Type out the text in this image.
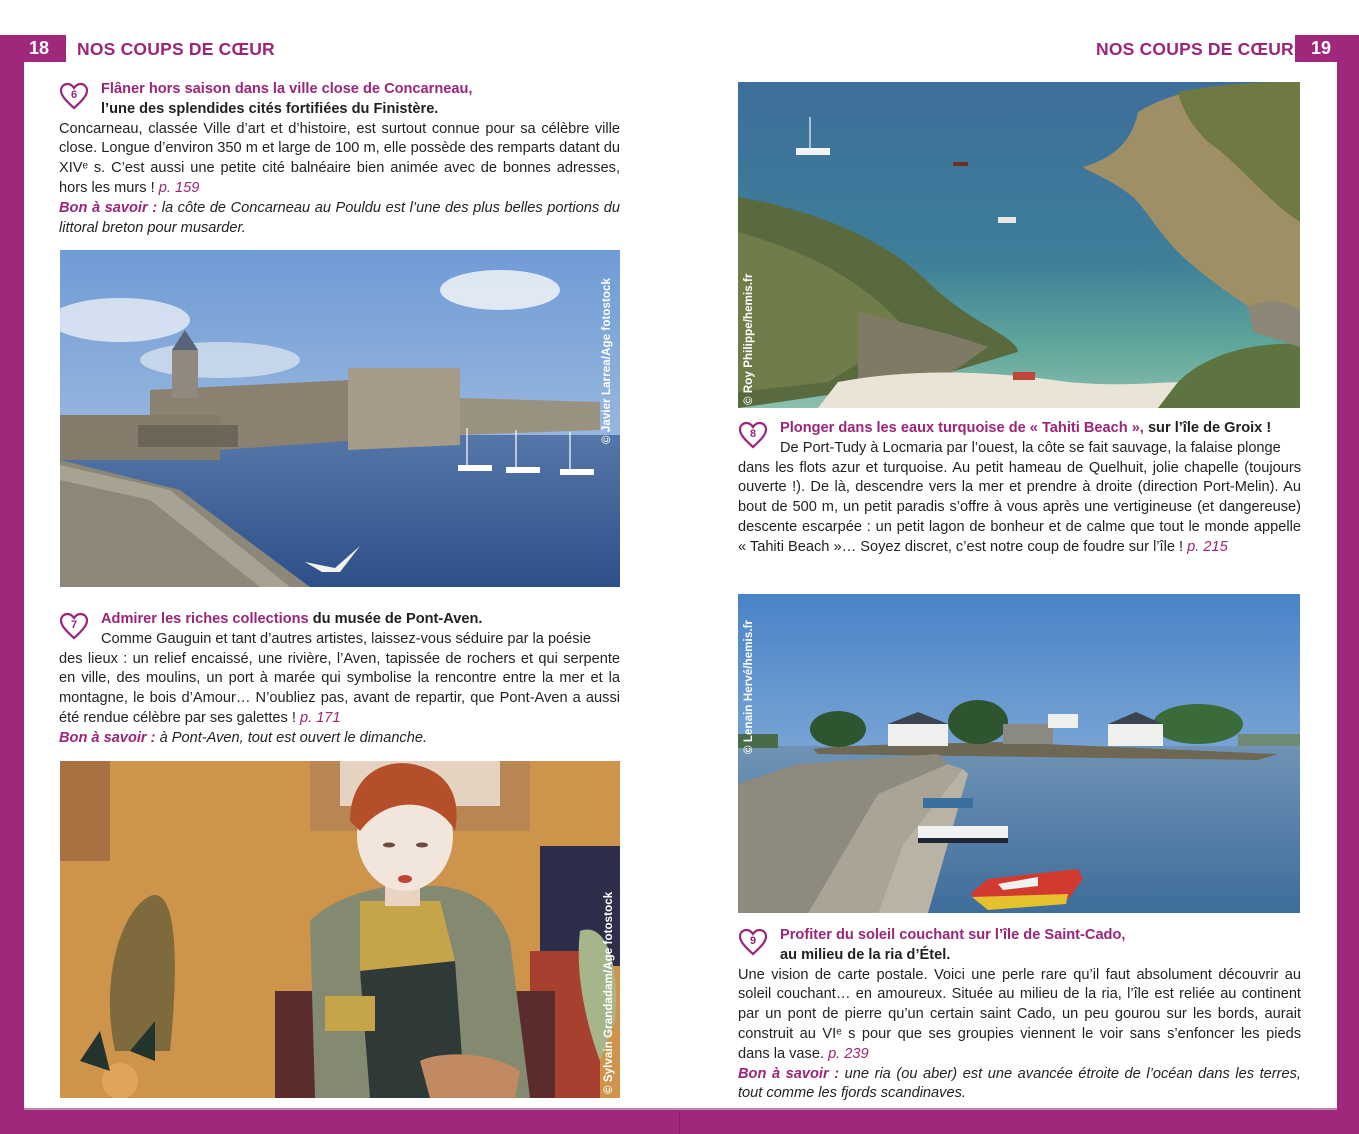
18	NOS COUPS DE CŒUR	NOS COUPS DE CŒUR 19
6	Flâner hors saison dans la ville close de Concarneau,
l’une des splendides cités fortifiées du Finistère.
Concarneau, classée Ville d’art et d’histoire, est surtout connue pour sa célèbre ville close. Longue d’environ 350 m et large de 100 m, elle possède des remparts datant du XIVᵉ s. C’est aussi une petite cité balnéaire bien animée avec de bonnes adresses, hors les murs ! p. 159
Bon à savoir : la côte de Concarneau au Pouldu est l’une des plus belles portions du littoral breton pour musarder.
© Javier Larrea/Age fotostock
7	Admirer les riches collections du musée de Pont-Aven.
Comme Gauguin et tant d’autres artistes, laissez-vous séduire par la poésie
des lieux : un relief encaissé, une rivière, l’Aven, tapissée de rochers et qui serpente en ville, des moulins, un port à marée qui symbolise la rencontre entre la mer et la montagne, le bois d’Amour… N’oubliez pas, avant de repartir, que Pont-Aven a aussi été rendue célèbre par ses galettes ! p. 171
Bon à savoir : à Pont-Aven, tout est ouvert le dimanche.
© Sylvain Grandadam/Age fotostock
© Roy Philippe/hemis.fr
8	Plonger dans les eaux turquoise de « Tahiti Beach », sur l’île de Groix !
De Port-Tudy à Locmaria par l’ouest, la côte se fait sauvage, la falaise plonge
dans les flots azur et turquoise. Au petit hameau de Quelhuit, jolie chapelle (toujours ouverte !). De là, descendre vers la mer et prendre à droite (direction Port-Melin). Au bout de 500 m, un petit paradis s’offre à vous après une vertigineuse (et dangereuse) descente escarpée : un petit lagon de bonheur et de calme que tout le monde appelle « Tahiti Beach »… Soyez discret, c’est notre coup de foudre sur l’île ! p. 215
© Lenain Hervé/hemis.fr
9	Profiter du soleil couchant sur l’île de Saint-Cado,
au milieu de la ria d’Étel.
Une vision de carte postale. Voici une perle rare qu’il faut absolument découvrir au soleil couchant… en amoureux. Située au milieu de la ria, l’île est reliée au continent par un pont de pierre qu’un certain saint Cado, un peu gourou sur les bords, aurait construit au VIᵉ s pour que ses groupies viennent le voir sans s’enfoncer les pieds dans la vase. p. 239
Bon à savoir : une ria (ou aber) est une avancée étroite de l’océan dans les terres, tout comme les fjords scandinaves.
